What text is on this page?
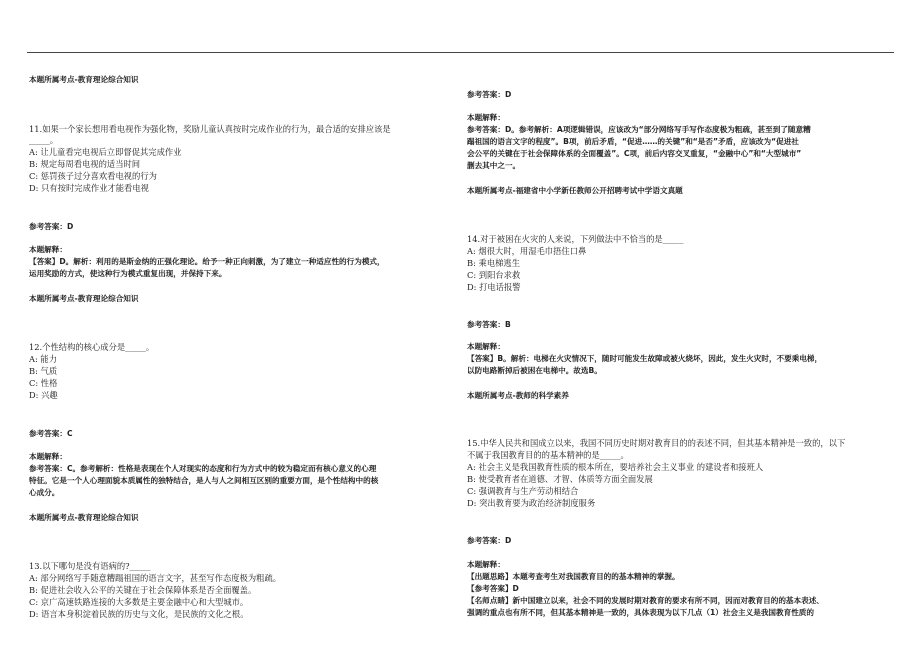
本题所属考点-教育理论综合知识
11.如果一个家长想用看电视作为强化物，奖励儿童认真按时完成作业的行为，最合适的安排应该是
_____。
A: 让儿童看完电视后立即督促其完成作业
B: 规定每周看电视的适当时间
C: 惩罚孩子过分喜欢看电视的行为
D: 只有按时完成作业才能看电视
参考答案：D
本题解释：
【答案】D。解析：利用的是斯金纳的正强化理论。给予一种正向刺激，为了建立一种适应性的行为模式，
运用奖励的方式，使这种行为模式重复出现，并保持下来。
本题所属考点-教育理论综合知识
12.个性结构的核心成分是_____。
A: 能力
B: 气质
C: 性格
D: 兴趣
参考答案：C
本题解释：
参考答案：C。参考解析：性格是表现在个人对现实的态度和行为方式中的较为稳定而有核心意义的心理
特征。它是一个人心理面貌本质属性的独特结合，是人与人之间相互区别的重要方面，是个性结构中的核
心成分。
本题所属考点-教育理论综合知识
13.以下哪句是没有语病的?_____
A: 部分网络写手随意糟蹋祖国的语言文字，甚至写作态度极为粗疏。
B: 促进社会收入公平的关键在于社会保障体系是否全面覆盖。
C: 京广高速铁路连接的大多数是主要金融中心和大型城市。
D: 语言本身积淀着民族的历史与文化，是民族的文化之根。
参考答案：D
本题解释：
参考答案：D。参考解析：A项逻辑错误，应该改为“部分网络写手写作态度极为粗疏，甚至到了随意糟
蹋祖国的语言文字的程度”。B项，前后矛盾，“促进……的关键”和“是否”矛盾，应该改为“促进社
会公平的关键在于社会保障体系的全面覆盖”。C项，前后内容交叉重复，“金融中心”和“大型城市”
删去其中之一。
本题所属考点-福建省中小学新任教师公开招聘考试中学语文真题
14.对于被困在火灾的人来说，下列做法中不恰当的是_____
A: 烟很大时，用湿毛巾捂住口鼻
B: 乘电梯逃生
C: 到阳台求救
D: 打电话报警
参考答案：B
本题解释：
【答案】B。解析：电梯在火灾情况下，随时可能发生故障或被火烧坏，因此，发生火灾时，不要乘电梯，
以防电路断掉后被困在电梯中。故选B。
本题所属考点-教师的科学素养
15.中华人民共和国成立以来，我国不同历史时期对教育目的的表述不同，但其基本精神是一致的，以下
不属于我国教育目的的基本精神的是_____。
A: 社会主义是我国教育性质的根本所在，要培养社会主义事业 的建设者和接班人
B: 使受教育者在道德、才智、体质等方面全面发展
C: 强调教育与生产劳动相结合
D: 突出教育要为政治经济制度服务
参考答案：D
本题解释：
【出题思路】本题考查考生对我国教育目的的基本精神的掌握。
【参考答案】D
【名师点睛】新中国建立以来，社会不同的发展时期对教育的要求有所不同，因而对教育目的的基本表述、
强调的重点也有所不同，但其基本精神是一致的，具体表现为以下几点（1）社会主义是我国教育性质的
